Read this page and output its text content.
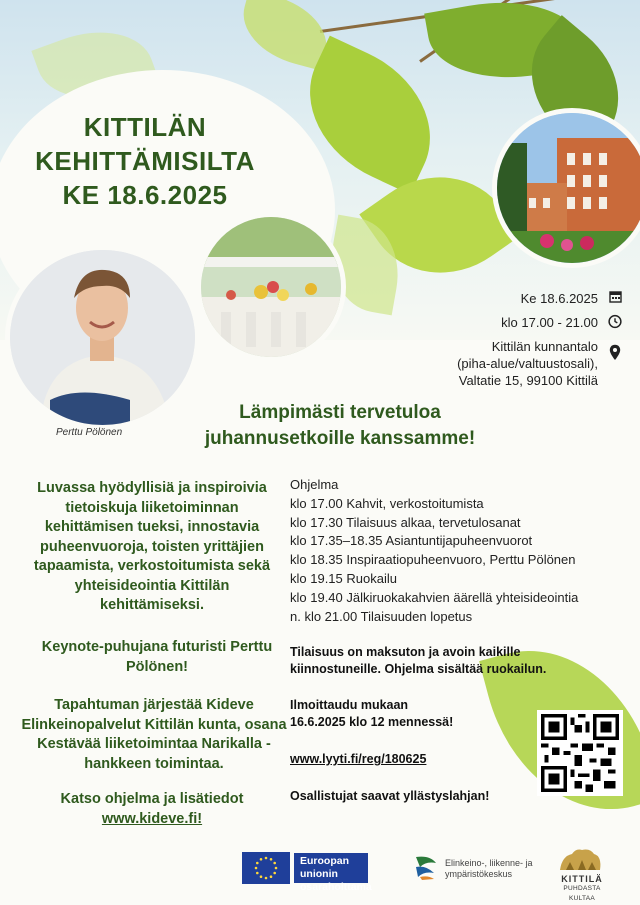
KITTILÄN
KEHITTÄMISILTA
KE 18.6.2025
Perttu Pölönen
Ke 18.6.2025
klo 17.00 - 21.00
Kittilän kunnantalo
(piha-alue/valtuustosali),
Valtatie 15, 99100 Kittilä
Lämpimästi tervetuloa
juhannusetkoille kanssamme!
Luvassa hyödyllisiä ja inspiroivia tietoiskuja liiketoiminnan kehittämisen tueksi, innostavia puheenvuoroja, toisten yrittäjien tapaamista, verkostoitumista sekä yhteisideointia Kittilän kehittämiseksi.
Keynote-puhujana futuristi Perttu Pölönen!
Tapahtuman järjestää Kideve Elinkeinopalvelut Kittilän kunta, osana Kestävää liiketoimintaa Narikalla -hankkeen toimintaa.
Katso ohjelma ja lisätiedot
www.kideve.fi!
Ohjelma
klo 17.00 Kahvit, verkostoitumista
klo 17.30 Tilaisuus alkaa, tervetulosanat
klo 17.35–18.35 Asiantuntijapuheenvuorot
klo 18.35 Inspiraatiopuheenvuoro, Perttu Pölönen
klo 19.15 Ruokailu
klo 19.40 Jälkiruokakahvien äärellä yhteisideointia
n. klo 21.00 Tilaisuuden lopetus
Tilaisuus on maksuton ja avoin kaikille kiinnostuneille. Ohjelma sisältää ruokailun.
Ilmoittaudu mukaan
16.6.2025 klo 12 mennessä!
www.lyyti.fi/reg/180625
Osallistujat saavat yllästyslahjan!
Euroopan unionin
osarahoittama
Elinkeino-, liikenne- ja
ympäristökeskus	KITTILÄ
PUHDASTA KULTAA
